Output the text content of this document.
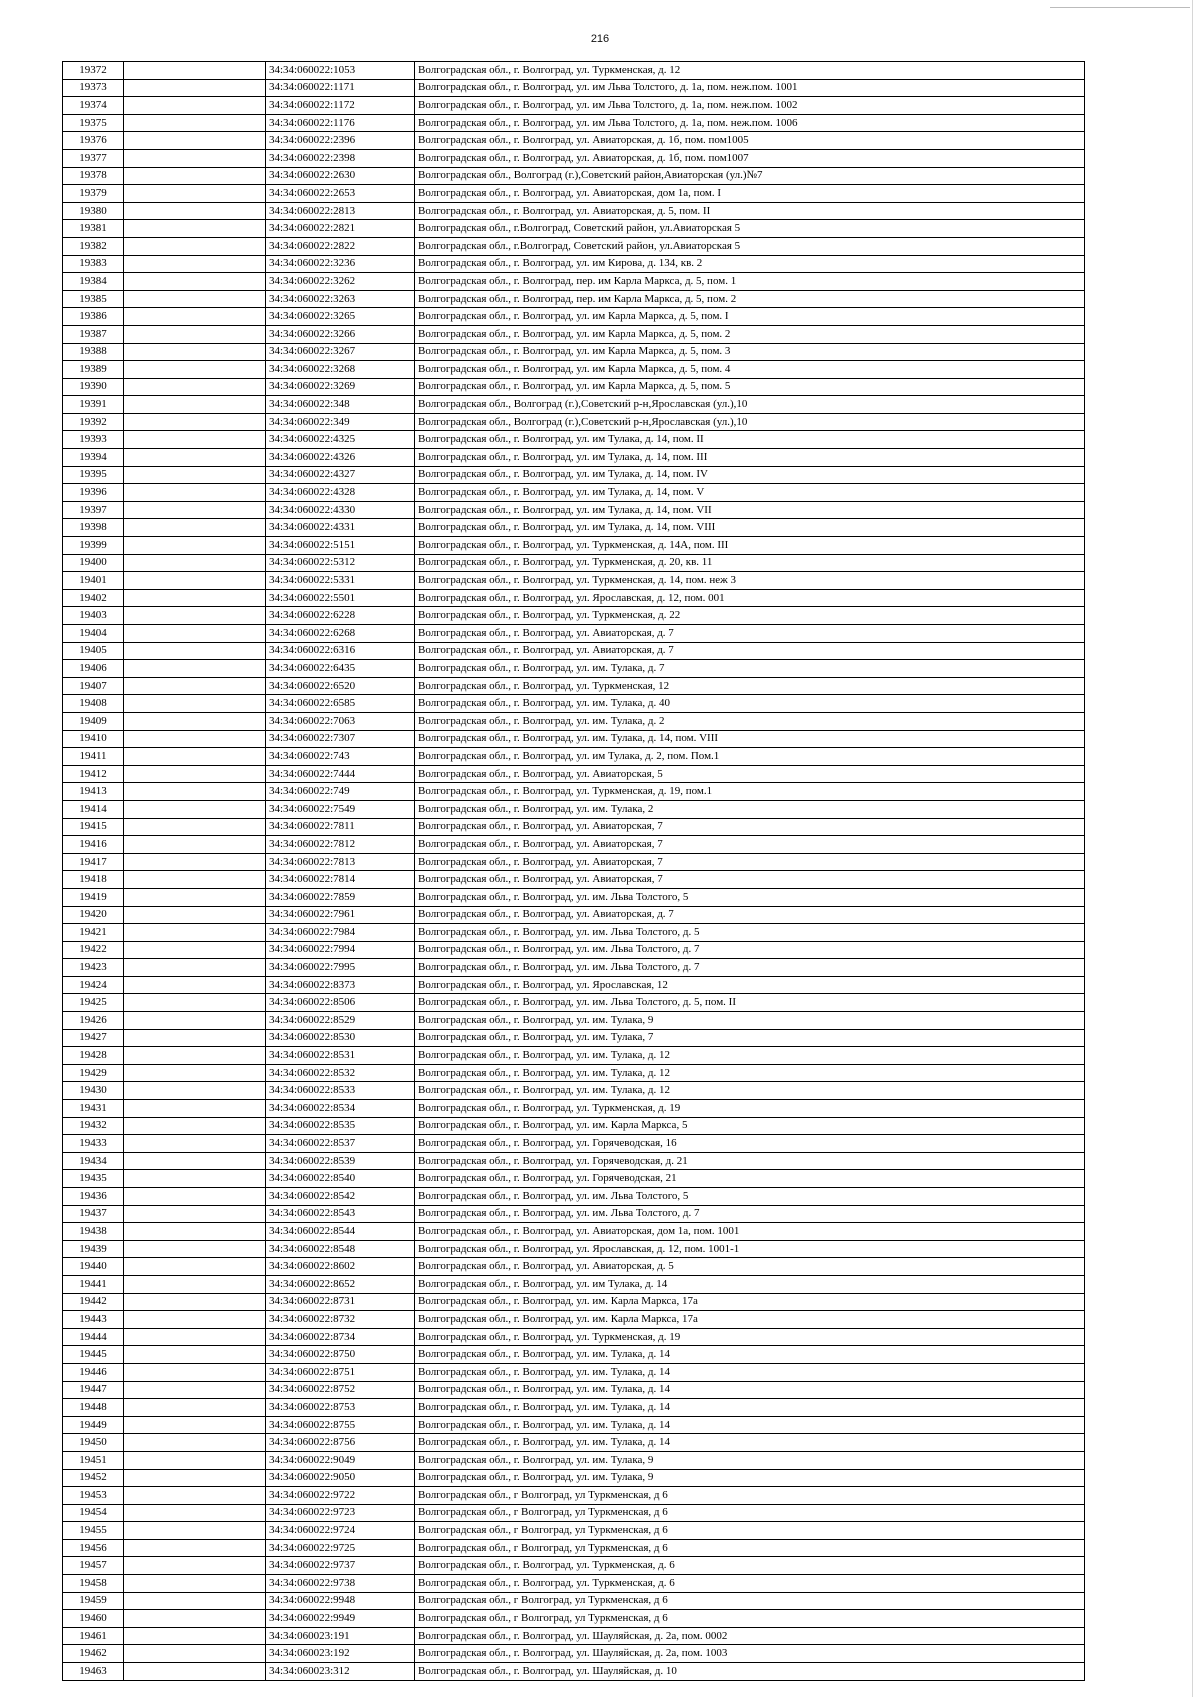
216
19372		34:34:060022:1053	Волгоградская обл., г. Волгоград, ул. Туркменская, д. 12
19373		34:34:060022:1171	Волгоградская обл., г. Волгоград, ул. им Льва Толстого, д. 1а, пом. неж.пом. 1001
19374		34:34:060022:1172	Волгоградская обл., г. Волгоград, ул. им Льва Толстого, д. 1а, пом. неж.пом. 1002
19375		34:34:060022:1176	Волгоградская обл., г. Волгоград, ул. им Льва Толстого, д. 1а, пом. неж.пом. 1006
19376		34:34:060022:2396	Волгоградская обл., г. Волгоград, ул. Авиаторская, д. 1б, пом. пом1005
19377		34:34:060022:2398	Волгоградская обл., г. Волгоград, ул. Авиаторская, д. 1б, пом. пом1007
19378		34:34:060022:2630	Волгоградская обл., Волгоград (г.),Советский район,Авиаторская (ул.)№7
19379		34:34:060022:2653	Волгоградская обл., г. Волгоград, ул. Авиаторская, дом 1а, пом. I
19380		34:34:060022:2813	Волгоградская обл., г. Волгоград, ул. Авиаторская, д. 5, пом. II
19381		34:34:060022:2821	Волгоградская обл., г.Волгоград, Советский район, ул.Авиаторская 5
19382		34:34:060022:2822	Волгоградская обл., г.Волгоград, Советский район, ул.Авиаторская 5
19383		34:34:060022:3236	Волгоградская обл., г. Волгоград, ул. им Кирова, д. 134, кв. 2
19384		34:34:060022:3262	Волгоградская обл., г. Волгоград, пер. им Карла Маркса, д. 5, пом. 1
19385		34:34:060022:3263	Волгоградская обл., г. Волгоград, пер. им Карла Маркса, д. 5, пом. 2
19386		34:34:060022:3265	Волгоградская обл., г. Волгоград, ул. им Карла Маркса, д. 5, пом. I
19387		34:34:060022:3266	Волгоградская обл., г. Волгоград, ул. им Карла Маркса, д. 5, пом. 2
19388		34:34:060022:3267	Волгоградская обл., г. Волгоград, ул. им Карла Маркса, д. 5, пом. 3
19389		34:34:060022:3268	Волгоградская обл., г. Волгоград, ул. им Карла Маркса, д. 5, пом. 4
19390		34:34:060022:3269	Волгоградская обл., г. Волгоград, ул. им Карла Маркса, д. 5, пом. 5
19391		34:34:060022:348	Волгоградская обл., Волгоград (г.),Советский р-н,Ярославская (ул.),10
19392		34:34:060022:349	Волгоградская обл., Волгоград (г.),Советский р-н,Ярославская (ул.),10
19393		34:34:060022:4325	Волгоградская обл., г. Волгоград, ул. им Тулака, д. 14, пом. II
19394		34:34:060022:4326	Волгоградская обл., г. Волгоград, ул. им Тулака, д. 14, пом. III
19395		34:34:060022:4327	Волгоградская обл., г. Волгоград, ул. им Тулака, д. 14, пом. IV
19396		34:34:060022:4328	Волгоградская обл., г. Волгоград, ул. им Тулака, д. 14, пом. V
19397		34:34:060022:4330	Волгоградская обл., г. Волгоград, ул. им Тулака, д. 14, пом. VII
19398		34:34:060022:4331	Волгоградская обл., г. Волгоград, ул. им Тулака, д. 14, пом. VIII
19399		34:34:060022:5151	Волгоградская обл., г. Волгоград, ул. Туркменская, д. 14А, пом. III
19400		34:34:060022:5312	Волгоградская обл., г. Волгоград, ул. Туркменская, д. 20, кв. 11
19401		34:34:060022:5331	Волгоградская обл., г. Волгоград, ул. Туркменская, д. 14, пом. неж 3
19402		34:34:060022:5501	Волгоградская обл., г. Волгоград, ул. Ярославская, д. 12, пом. 001
19403		34:34:060022:6228	Волгоградская обл., г. Волгоград, ул. Туркменская, д. 22
19404		34:34:060022:6268	Волгоградская обл., г. Волгоград, ул. Авиаторская, д. 7
19405		34:34:060022:6316	Волгоградская обл., г. Волгоград, ул. Авиаторская, д. 7
19406		34:34:060022:6435	Волгоградская обл., г. Волгоград, ул. им. Тулака, д. 7
19407		34:34:060022:6520	Волгоградская обл., г. Волгоград, ул. Туркменская, 12
19408		34:34:060022:6585	Волгоградская обл., г. Волгоград, ул. им. Тулака, д. 40
19409		34:34:060022:7063	Волгоградская обл., г. Волгоград, ул. им. Тулака, д. 2
19410		34:34:060022:7307	Волгоградская обл., г. Волгоград, ул. им. Тулака, д. 14, пом. VIII
19411		34:34:060022:743	Волгоградская обл., г. Волгоград, ул. им Тулака, д. 2, пом. Пом.1
19412		34:34:060022:7444	Волгоградская обл., г. Волгоград, ул. Авиаторская, 5
19413		34:34:060022:749	Волгоградская обл., г. Волгоград, ул. Туркменская, д. 19, пом.1
19414		34:34:060022:7549	Волгоградская обл., г. Волгоград, ул. им. Тулака, 2
19415		34:34:060022:7811	Волгоградская обл., г. Волгоград, ул. Авиаторская, 7
19416		34:34:060022:7812	Волгоградская обл., г. Волгоград, ул. Авиаторская, 7
19417		34:34:060022:7813	Волгоградская обл., г. Волгоград, ул. Авиаторская, 7
19418		34:34:060022:7814	Волгоградская обл., г. Волгоград, ул. Авиаторская, 7
19419		34:34:060022:7859	Волгоградская обл., г. Волгоград, ул. им. Льва Толстого, 5
19420		34:34:060022:7961	Волгоградская обл., г. Волгоград, ул. Авиаторская, д. 7
19421		34:34:060022:7984	Волгоградская обл., г. Волгоград, ул. им. Льва Толстого, д. 5
19422		34:34:060022:7994	Волгоградская обл., г. Волгоград, ул. им. Льва Толстого, д. 7
19423		34:34:060022:7995	Волгоградская обл., г. Волгоград, ул. им. Льва Толстого, д. 7
19424		34:34:060022:8373	Волгоградская обл., г. Волгоград, ул. Ярославская, 12
19425		34:34:060022:8506	Волгоградская обл., г. Волгоград, ул. им. Льва Толстого, д. 5, пом. II
19426		34:34:060022:8529	Волгоградская обл., г. Волгоград, ул. им. Тулака, 9
19427		34:34:060022:8530	Волгоградская обл., г. Волгоград, ул. им. Тулака, 7
19428		34:34:060022:8531	Волгоградская обл., г. Волгоград, ул. им. Тулака, д. 12
19429		34:34:060022:8532	Волгоградская обл., г. Волгоград, ул. им. Тулака, д. 12
19430		34:34:060022:8533	Волгоградская обл., г. Волгоград, ул. им. Тулака, д. 12
19431		34:34:060022:8534	Волгоградская обл., г. Волгоград, ул. Туркменская, д. 19
19432		34:34:060022:8535	Волгоградская обл., г. Волгоград, ул. им. Карла Маркса, 5
19433		34:34:060022:8537	Волгоградская обл., г. Волгоград, ул. Горячеводская, 16
19434		34:34:060022:8539	Волгоградская обл., г. Волгоград, ул. Горячеводская, д. 21
19435		34:34:060022:8540	Волгоградская обл., г. Волгоград, ул. Горячеводская, 21
19436		34:34:060022:8542	Волгоградская обл., г. Волгоград, ул. им. Льва Толстого, 5
19437		34:34:060022:8543	Волгоградская обл., г. Волгоград, ул. им. Льва Толстого, д. 7
19438		34:34:060022:8544	Волгоградская обл., г. Волгоград, ул. Авиаторская, дом 1а, пом. 1001
19439		34:34:060022:8548	Волгоградская обл., г. Волгоград, ул. Ярославская, д. 12, пом. 1001-1
19440		34:34:060022:8602	Волгоградская обл., г. Волгоград, ул. Авиаторская, д. 5
19441		34:34:060022:8652	Волгоградская обл., г. Волгоград, ул. им Тулака, д. 14
19442		34:34:060022:8731	Волгоградская обл., г. Волгоград, ул. им. Карла Маркса, 17а
19443		34:34:060022:8732	Волгоградская обл., г. Волгоград, ул. им. Карла Маркса, 17а
19444		34:34:060022:8734	Волгоградская обл., г. Волгоград, ул. Туркменская, д. 19
19445		34:34:060022:8750	Волгоградская обл., г. Волгоград, ул. им. Тулака, д. 14
19446		34:34:060022:8751	Волгоградская обл., г. Волгоград, ул. им. Тулака, д. 14
19447		34:34:060022:8752	Волгоградская обл., г. Волгоград, ул. им. Тулака, д. 14
19448		34:34:060022:8753	Волгоградская обл., г. Волгоград, ул. им. Тулака, д. 14
19449		34:34:060022:8755	Волгоградская обл., г. Волгоград, ул. им. Тулака, д. 14
19450		34:34:060022:8756	Волгоградская обл., г. Волгоград, ул. им. Тулака, д. 14
19451		34:34:060022:9049	Волгоградская обл., г. Волгоград, ул. им. Тулака, 9
19452		34:34:060022:9050	Волгоградская обл., г. Волгоград, ул. им. Тулака, 9
19453		34:34:060022:9722	Волгоградская обл., г Волгоград, ул Туркменская, д 6
19454		34:34:060022:9723	Волгоградская обл., г Волгоград, ул Туркменская, д 6
19455		34:34:060022:9724	Волгоградская обл., г Волгоград, ул Туркменская, д 6
19456		34:34:060022:9725	Волгоградская обл., г Волгоград, ул Туркменская, д 6
19457		34:34:060022:9737	Волгоградская обл., г. Волгоград, ул. Туркменская, д. 6
19458		34:34:060022:9738	Волгоградская обл., г. Волгоград, ул. Туркменская, д. 6
19459		34:34:060022:9948	Волгоградская обл., г Волгоград, ул Туркменская, д 6
19460		34:34:060022:9949	Волгоградская обл., г Волгоград, ул Туркменская, д 6
19461		34:34:060023:191	Волгоградская обл., г. Волгоград, ул. Шауляйская, д. 2а, пом. 0002
19462		34:34:060023:192	Волгоградская обл., г. Волгоград, ул. Шауляйская, д. 2а, пом. 1003
19463		34:34:060023:312	Волгоградская обл., г. Волгоград, ул. Шауляйская, д. 10
